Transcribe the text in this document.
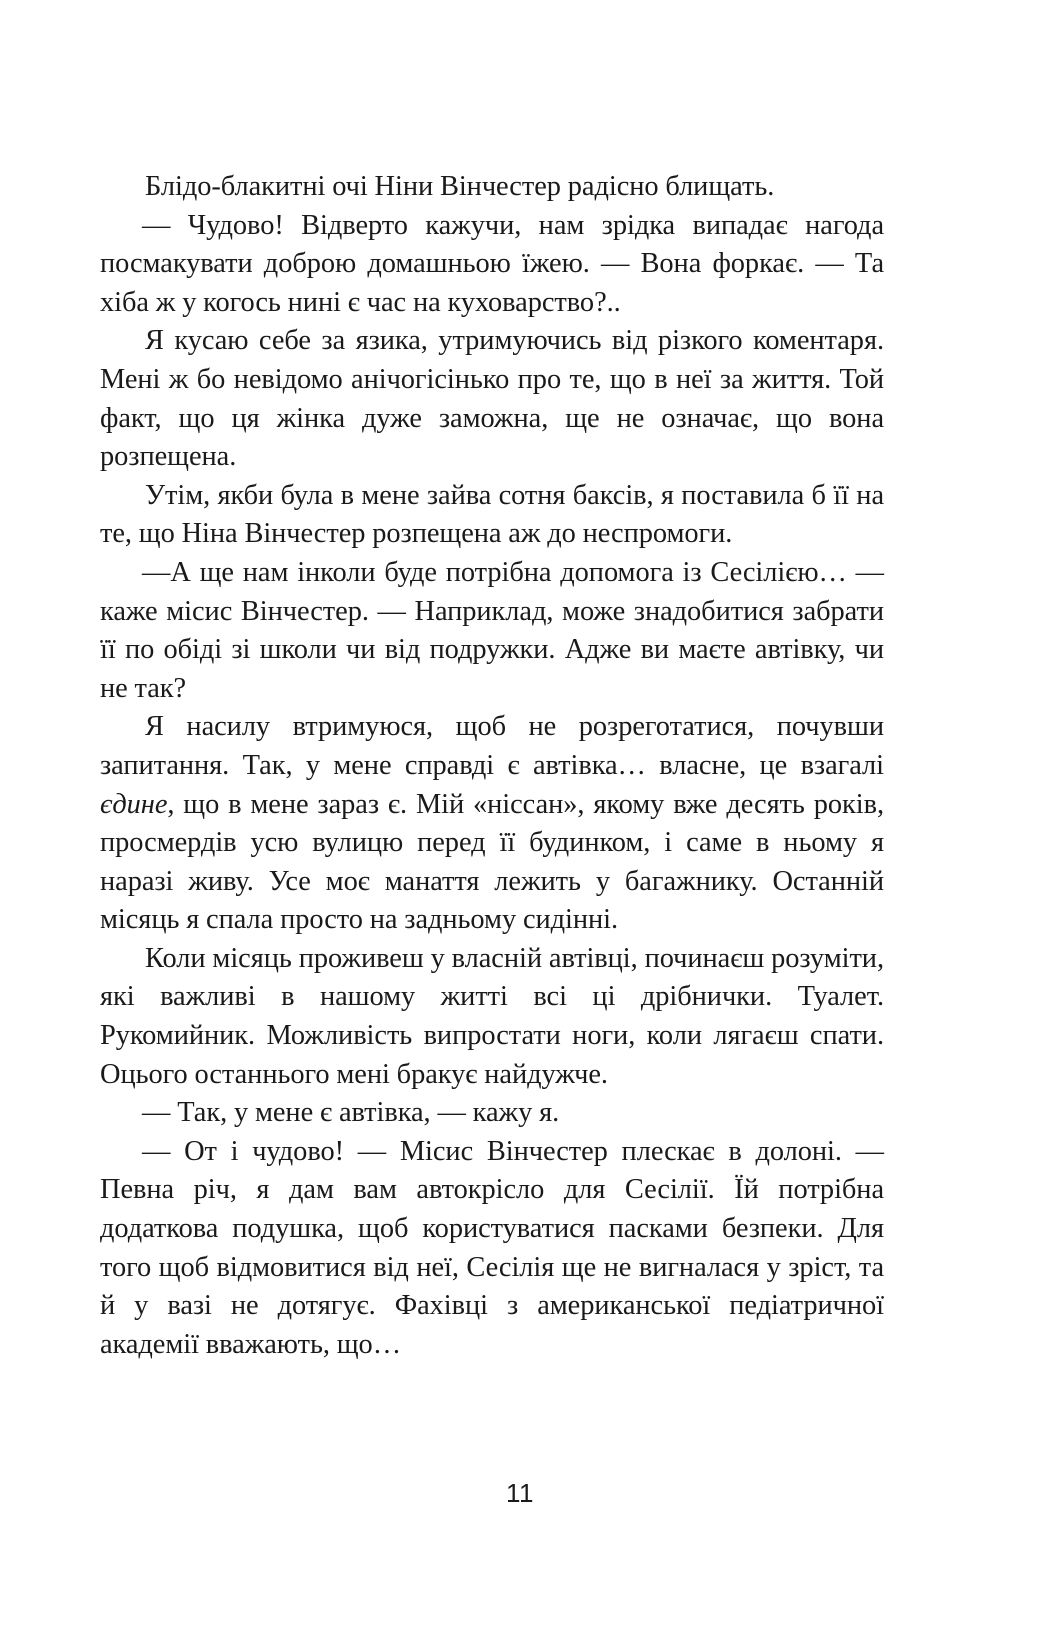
Блідо-блакитні очі Ніни Вінчестер радісно блищать.

— Чудово! Відверто кажучи, нам зрідка випадає нагода посмакувати доброю домашньою їжею. — Вона форкає. — Та хіба ж у когось нині є час на куховарство?..

Я кусаю себе за язика, утримуючись від різкого коментаря. Мені ж бо невідомо анічогісінько про те, що в неї за життя. Той факт, що ця жінка дуже заможна, ще не означає, що вона розпещена.

Утім, якби була в мене зайва сотня баксів, я поставила б її на те, що Ніна Вінчестер розпещена аж до неспромоги.

—А ще нам інколи буде потрібна допомога із Сесілією… — каже місис Вінчестер. — Наприклад, може знадобитися забрати її по обіді зі школи чи від подружки. Адже ви маєте автівку, чи не так?

Я насилу втримуюся, щоб не розреготатися, почувши запитання. Так, у мене справді є автівка… власне, це взагалі єдине, що в мене зараз є. Мій «ніссан», якому вже десять років, просмердів усю вулицю перед її будинком, і саме в ньому я наразі живу. Усе моє манаття лежить у багажнику. Останній місяць я спала просто на задньому сидінні.

Коли місяць проживеш у власній автівці, починаєш розуміти, які важливі в нашому житті всі ці дрібнички. Туалет. Рукомийник. Можливість випростати ноги, коли лягаєш спати. Оцього останнього мені бракує найдужче.

— Так, у мене є автівка, — кажу я.

— От і чудово! — Місис Вінчестер плескає в долоні. — Певна річ, я дам вам автокрісло для Сесілії. Їй потрібна додаткова подушка, щоб користуватися пасками безпеки. Для того щоб відмовитися від неї, Сесілія ще не вигналася у зріст, та й у вазі не дотягує. Фахівці з американської педіатричної академії вважають, що…

11
